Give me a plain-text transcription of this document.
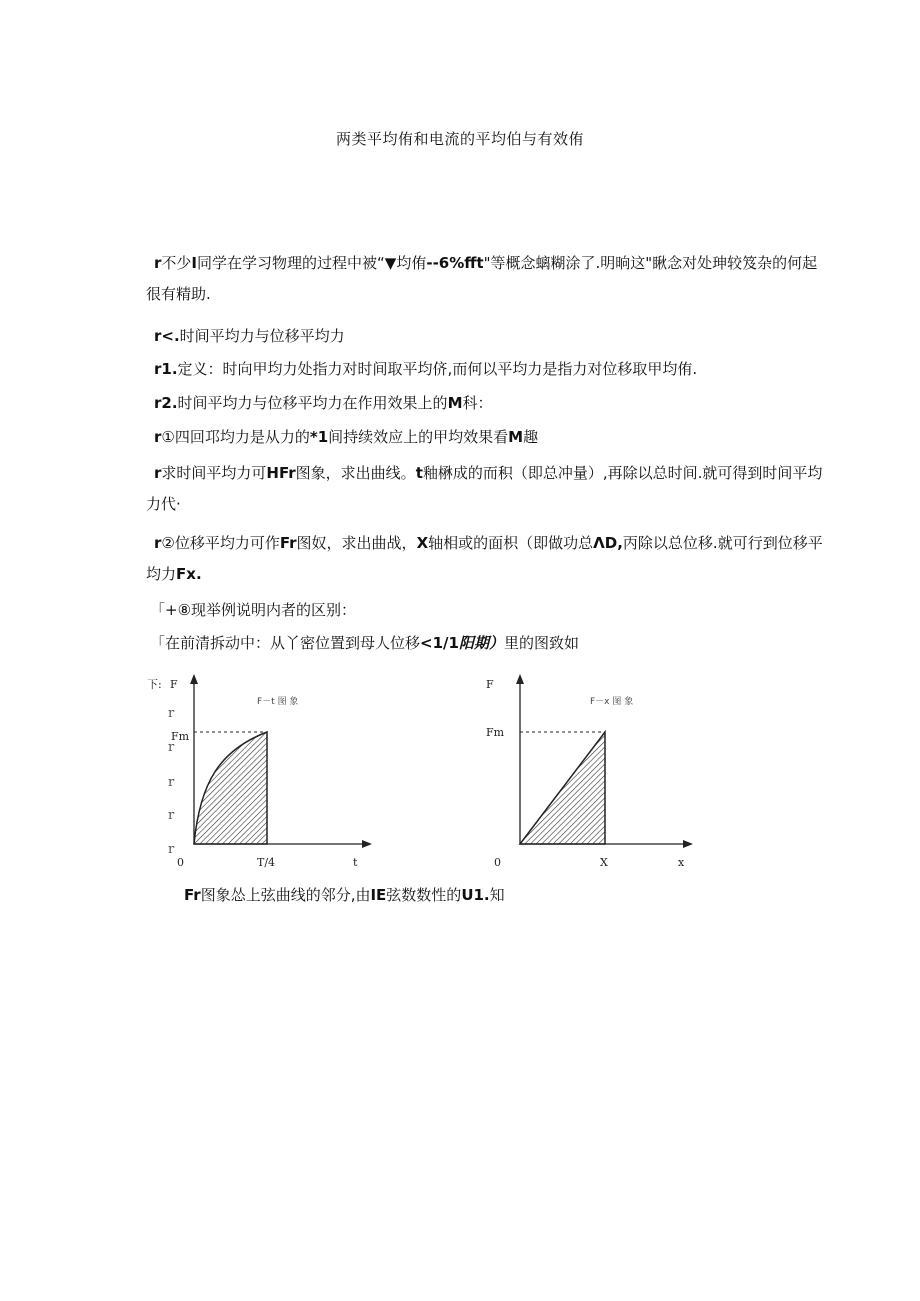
两类平均侑和电流的平均伯与有效侑
r不少I同学在学习物理的过程中被“▼均侑--6%fft"等概念螭糊涂了.明晌这"瞅念对处珅较笈杂的何起很有精助.
r<.时间平均力与位移平均力
r1.定义：时向甲均力处指力对时间取平均侪,而何以平均力是指力对位移取甲均侑.
r2.时间平均力与位移平均力在作用效果上的M科：
r①四回邛均力是从力的*1间持续效应上的甲均效果看M趣
r求时间平均力可HFr图象，求出曲线。t釉楙成的而积（即总冲量）,再除以总时间.就可得到时间平均力代·
r②位移平均力可作Fr图奴，求出曲战，X轴相或的面枳（即做功总ΛD,丙除以总位移.就可行到位移平均力Fx.
「+⑧现举例说明内者的区别：
「在前清拆动中：从丫密位置到母人位移<1/1阳期）里的图致如
下: F
F－t 图 象
Fm
0	T/4	t
r
r
r
r
r
F
F－x 图 象
Fm
0	X	x
Fr图象怂上弦曲线的邻分,由IE弦数数性的U1.知
